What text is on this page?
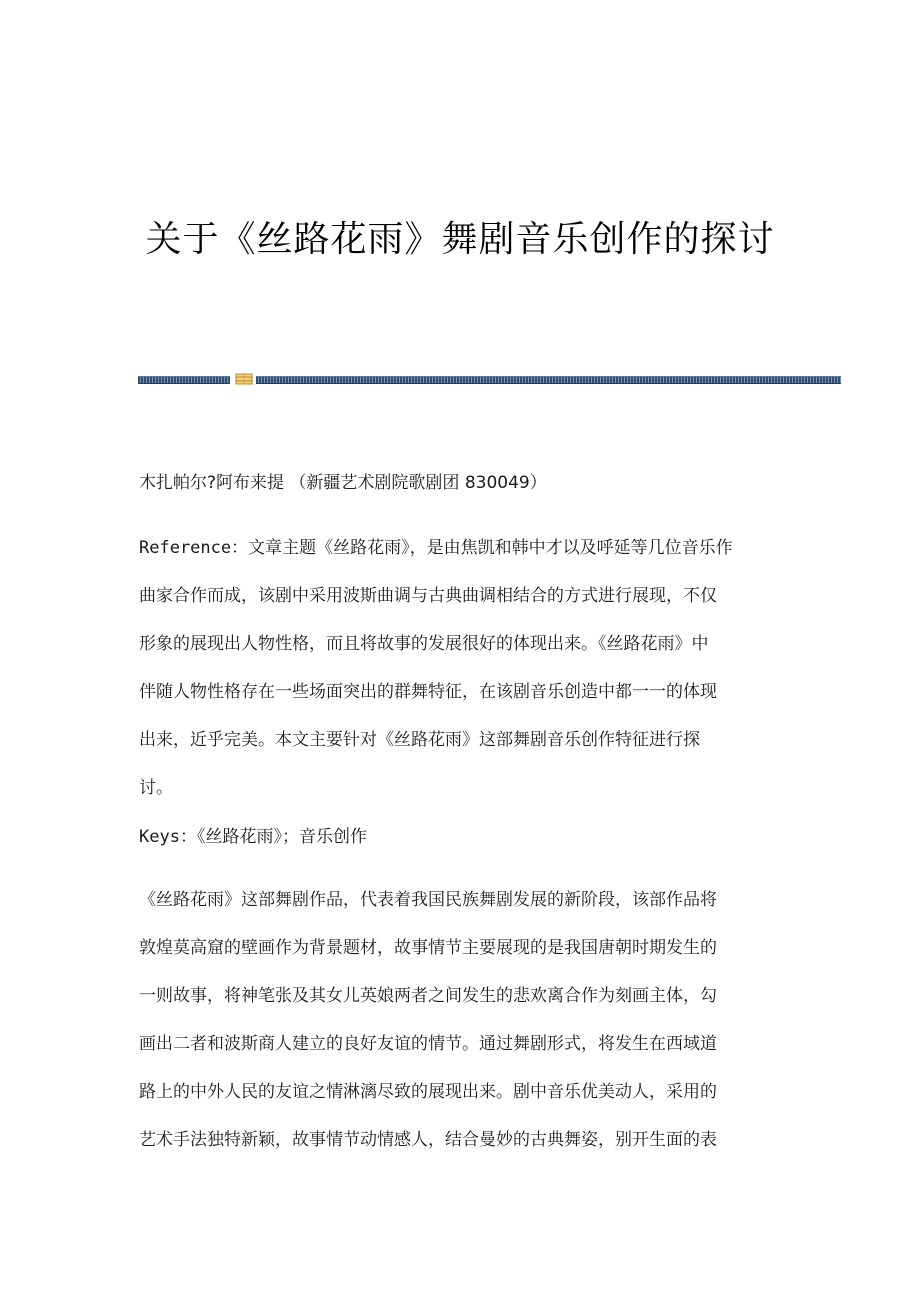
关于《丝路花雨》舞剧音乐创作的探讨

木扎帕尔?阿布来提 （新疆艺术剧院歌剧团 830049）

Reference：文章主题《丝路花雨》，是由焦凯和韩中才以及呼延等几位音乐作
曲家合作而成，该剧中采用波斯曲调与古典曲调相结合的方式进行展现，不仅
形象的展现出人物性格，而且将故事的发展很好的体现出来。《丝路花雨》中
伴随人物性格存在一些场面突出的群舞特征，在该剧音乐创造中都一一的体现
出来，近乎完美。本文主要针对《丝路花雨》这部舞剧音乐创作特征进行探
讨。

Keys：《丝路花雨》；音乐创作

《丝路花雨》这部舞剧作品，代表着我国民族舞剧发展的新阶段，该部作品将
敦煌莫高窟的壁画作为背景题材，故事情节主要展现的是我国唐朝时期发生的
一则故事，将神笔张及其女儿英娘两者之间发生的悲欢离合作为刻画主体，勾
画出二者和波斯商人建立的良好友谊的情节。通过舞剧形式，将发生在西域道
路上的中外人民的友谊之情淋漓尽致的展现出来。剧中音乐优美动人，采用的
艺术手法独特新颖，故事情节动情感人，结合曼妙的古典舞姿，别开生面的表
